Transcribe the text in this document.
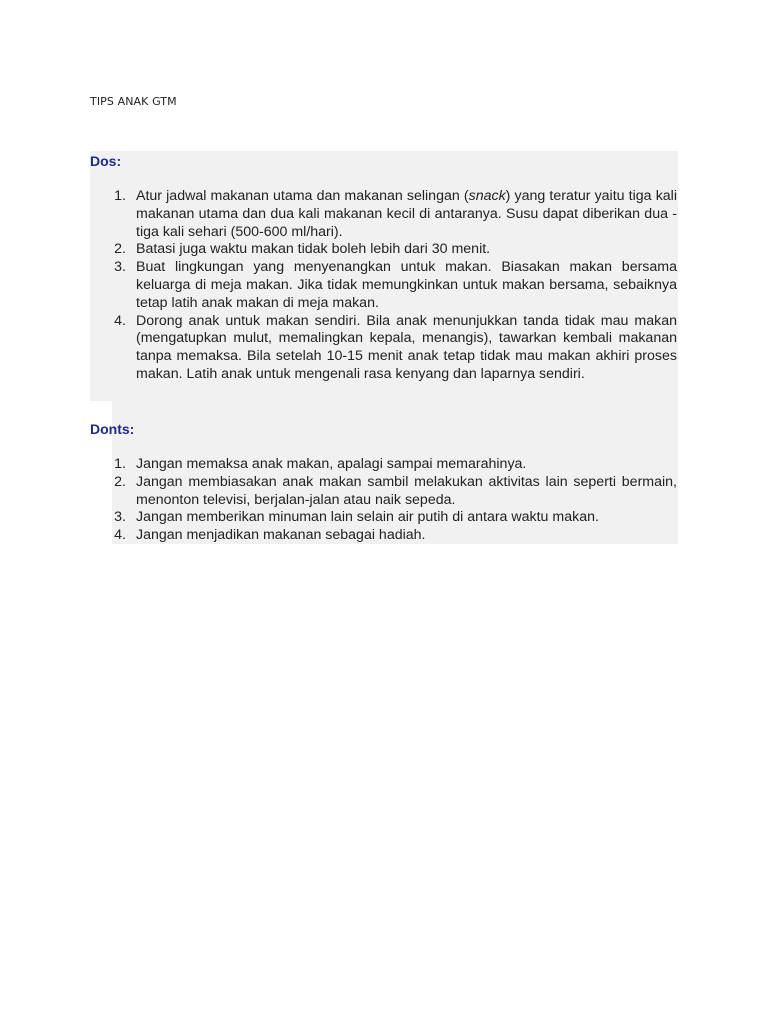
TIPS ANAK GTM
Dos:
1. Atur jadwal makanan utama dan makanan selingan (snack) yang teratur yaitu tiga kali makanan utama dan dua kali makanan kecil di antaranya. Susu dapat diberikan dua - tiga kali sehari (500-600 ml/hari).
2. Batasi juga waktu makan tidak boleh lebih dari 30 menit.
3. Buat lingkungan yang menyenangkan untuk makan. Biasakan makan bersama keluarga di meja makan. Jika tidak memungkinkan untuk makan bersama, sebaiknya tetap latih anak makan di meja makan.
4. Dorong anak untuk makan sendiri. Bila anak menunjukkan tanda tidak mau makan (mengatupkan mulut, memalingkan kepala, menangis), tawarkan kembali makanan tanpa memaksa. Bila setelah 10-15 menit anak tetap tidak mau makan akhiri proses makan. Latih anak untuk mengenali rasa kenyang dan laparnya sendiri.
Donts:
1. Jangan memaksa anak makan, apalagi sampai memarahinya.
2. Jangan membiasakan anak makan sambil melakukan aktivitas lain seperti bermain, menonton televisi, berjalan-jalan atau naik sepeda.
3. Jangan memberikan minuman lain selain air putih di antara waktu makan.
4. Jangan menjadikan makanan sebagai hadiah.
